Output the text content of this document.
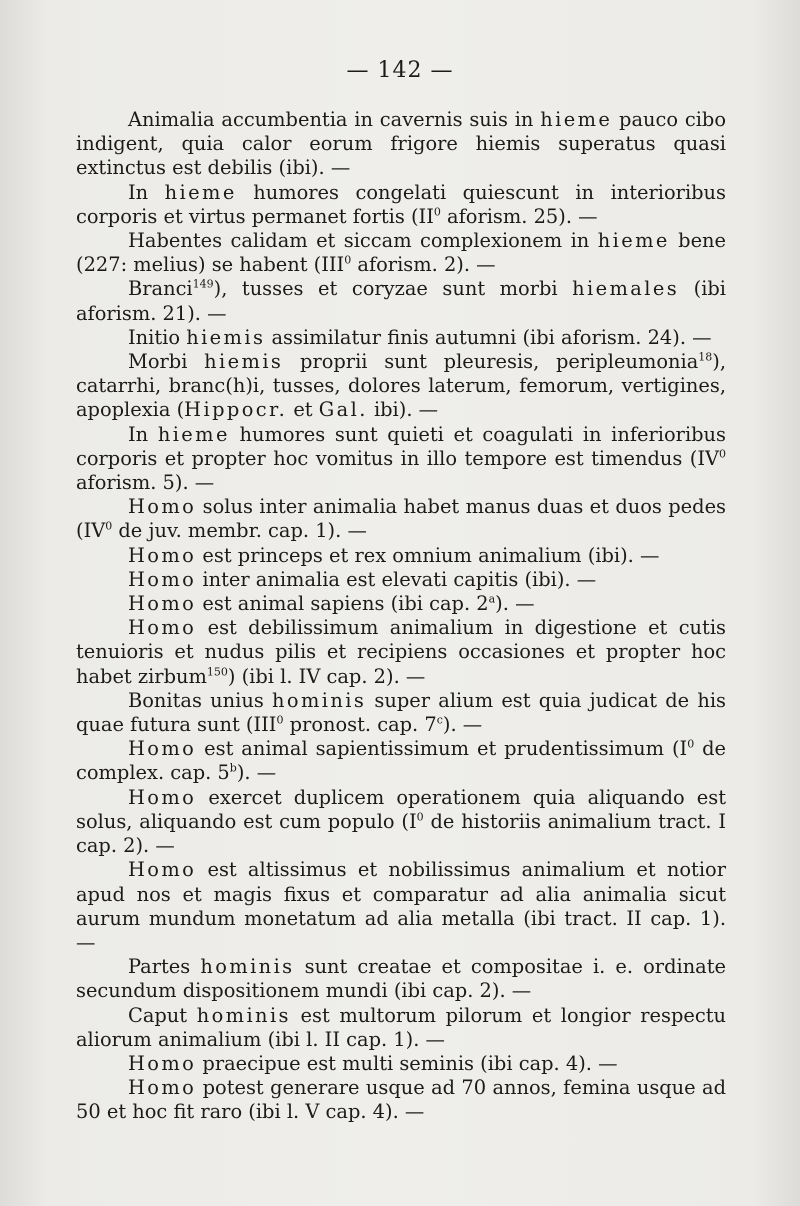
— 142 —

Animalia accumbentia in cavernis suis in hieme pauco cibo indigent, quia calor eorum frigore hiemis superatus quasi extinctus est debilis (ibi). —

In hieme humores congelati quiescunt in interioribus corporis et virtus permanet fortis ($II^0$ aforism. 25). —

Habentes calidam et siccam complexionem in hieme bene (227: melius) se habent (III$^0$ aforism. 2). —

Branci$^{149}$), tusses et coryzae sunt morbi hiemales (ibi aforism. 21). —

Initio hiemis assimilatur finis autumni (ibi aforism. 24). —

Morbi hiemis proprii sunt pleuresis, peripleumonia$^{18}$), catarrhi, branc(h)i, tusses, dolores laterum, femorum, vertigines, apoplexia (Hippocr. et Gal. ibi). —

In hieme humores sunt quieti et coagulati in inferioribus corporis et propter hoc vomitus in illo tempore est timendus ($IV^0$ aforism. 5). —

Homo solus inter animalia habet manus duas et duos pedes ($IV^0$ de juv. membr. cap. 1). —

Homo est princeps et rex omnium animalium (ibi). —

Homo inter animalia est elevati capitis (ibi). —

Homo est animal sapiens (ibi cap. 2$^a$). —

Homo est debilissimum animalium in digestione et cutis tenuioris et nudus pilis et recipiens occasiones et propter hoc habet zirbum$^{150}$) (ibi l. IV cap. 2). —

Bonitas unius hominis super alium est quia judicat de his quae futura sunt (III$^0$ pronost. cap. 7$^c$). —

Homo est animal sapientissimum et prudentissimum ($I^0$ de complex. cap. 5$^b$). —

Homo exercet duplicem operationem quia aliquando est solus, aliquando est cum populo ($I^0$ de historiis animalium tract. I cap. 2). —

Homo est altissimus et nobilissimus animalium et notior apud nos et magis fixus et comparatur ad alia animalia sicut aurum mundum monetatum ad alia metalla (ibi tract. II cap. 1). —

Partes hominis sunt creatae et compositae i. e. ordinate secundum dispositionem mundi (ibi cap. 2). —

Caput hominis est multorum pilorum et longior respectu aliorum animalium (ibi l. II cap. 1). —

Homo praecipue est multi seminis (ibi cap. 4). —

Homo potest generare usque ad 70 annos, femina usque ad 50 et hoc fit raro (ibi l. V cap. 4). —
